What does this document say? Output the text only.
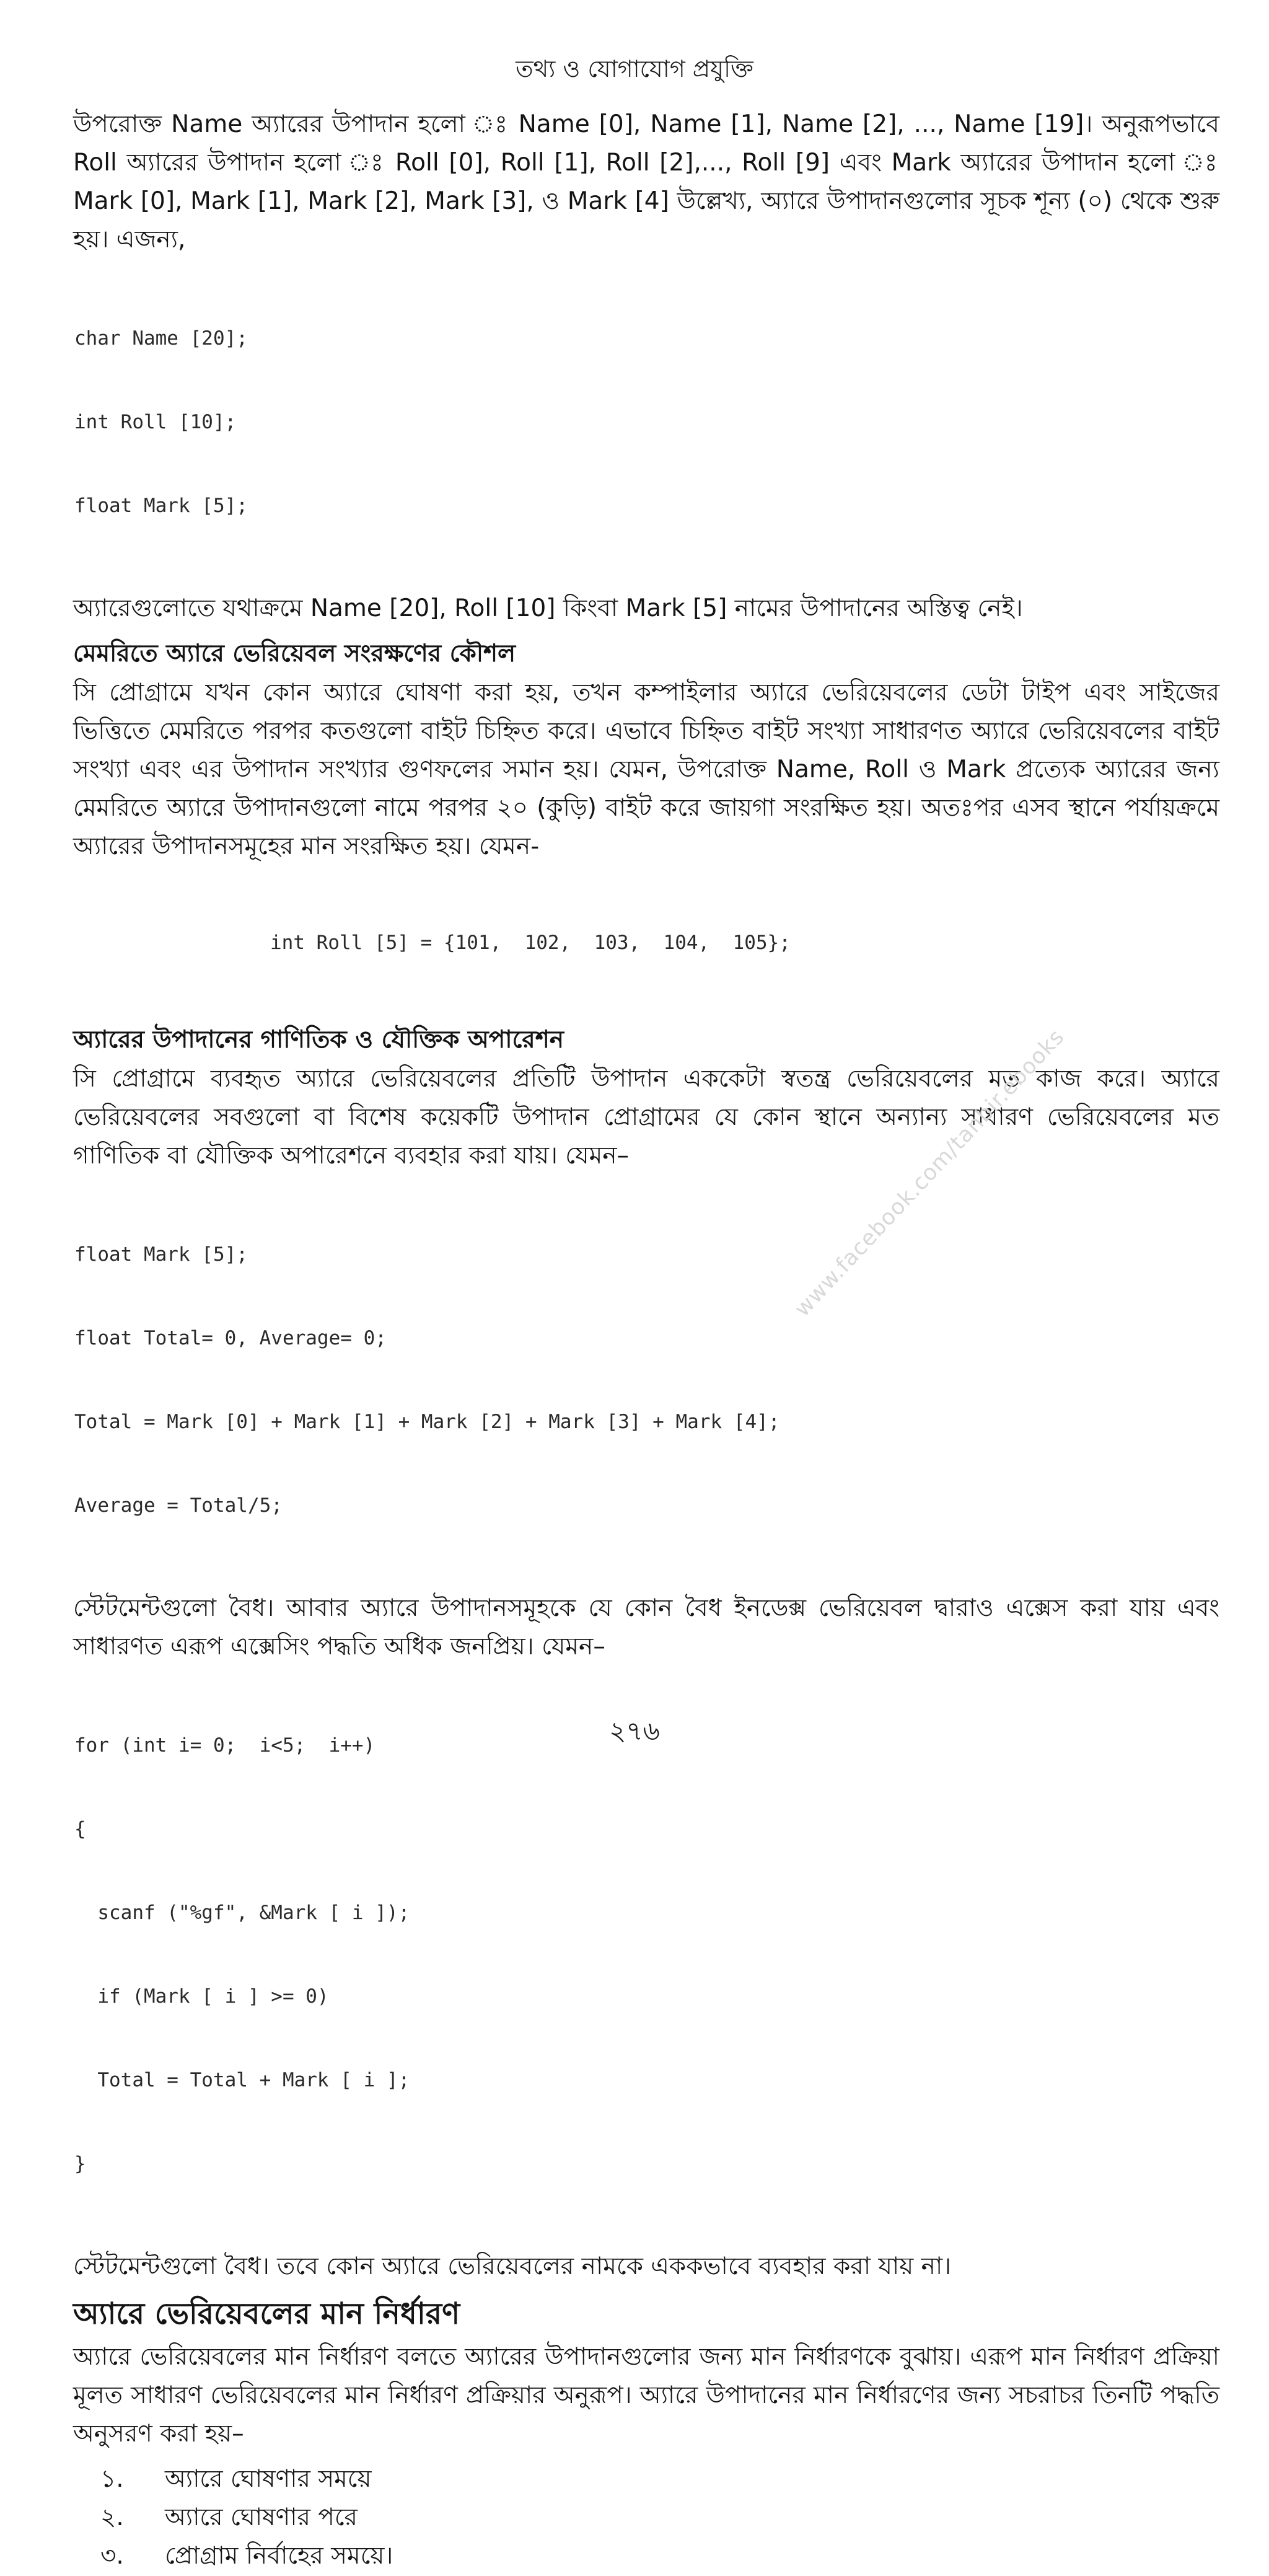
তথ্য ও যোগাযোগ প্রযুক্তি

উপরোক্ত Name অ্যারের উপাদান হলো ঃ Name [0], Name [1], Name [2], ..., Name [19]। অনুরূপভাবে Roll অ্যারের উপাদান হলো ঃ Roll [0], Roll [1], Roll [2],..., Roll [9] এবং Mark অ্যারের উপাদান হলো ঃ Mark [0], Mark [1], Mark [2], Mark [3], ও Mark [4] উল্লেখ্য, অ্যারে উপাদানগুলোর সূচক শূন্য (০) থেকে শুরু হয়। এজন্য,

char Name [20];

int Roll [10];

float Mark [5];

অ্যারেগুলোতে যথাক্রমে Name [20], Roll [10] কিংবা Mark [5] নামের উপাদানের অস্তিত্ব নেই।

মেমরিতে অ্যারে ভেরিয়েবল সংরক্ষণের কৌশল

সি প্রোগ্রামে যখন কোন অ্যারে ঘোষণা করা হয়, তখন কম্পাইলার অ্যারে ভেরিয়েবলের ডেটা টাইপ এবং সাইজের ভিত্তিতে মেমরিতে পরপর কতগুলো বাইট চিহ্নিত করে। এভাবে চিহ্নিত বাইট সংখ্যা সাধারণত অ্যারে ভেরিয়েবলের বাইট সংখ্যা এবং এর উপাদান সংখ্যার গুণফলের সমান হয়। যেমন, উপরোক্ত Name, Roll ও Mark প্রত্যেক অ্যারের জন্য মেমরিতে অ্যারে উপাদানগুলো নামে পরপর ২০ (কুড়ি) বাইট করে জায়গা সংরক্ষিত হয়। অতঃপর এসব স্থানে পর্যায়ক্রমে অ্যারের উপাদানসমূহের মান সংরক্ষিত হয়। যেমন-

int Roll [5] = {101,  102,  103,  104,  105};

অ্যারের উপাদানের গাণিতিক ও যৌক্তিক অপারেশন

সি প্রোগ্রামে ব্যবহৃত অ্যারে ভেরিয়েবলের প্রতিটি উপাদান এককেটা স্বতন্ত্র ভেরিয়েবলের মত কাজ করে। অ্যারে ভেরিয়েবলের সবগুলো বা বিশেষ কয়েকটি উপাদান প্রোগ্রামের যে কোন স্থানে অন্যান্য সাধারণ ভেরিয়েবলের মত গাণিতিক বা যৌক্তিক অপারেশনে ব্যবহার করা যায়। যেমন–

float Mark [5];

float Total= 0, Average= 0;

Total = Mark [0] + Mark [1] + Mark [2] + Mark [3] + Mark [4];

Average = Total/5;

স্টেটমেন্টগুলো বৈধ। আবার অ্যারে উপাদানসমূহকে যে কোন বৈধ ইনডেক্স ভেরিয়েবল দ্বারাও এক্সেস করা যায় এবং সাধারণত এরূপ এক্সেসিং পদ্ধতি অধিক জনপ্রিয়। যেমন–

for (int i= 0;  i<5;  i++)

{

scanf ("%gf", &Mark [ i ]);

if (Mark [ i ] >= 0)

Total = Total + Mark [ i ];

}

স্টেটমেন্টগুলো বৈধ। তবে কোন অ্যারে ভেরিয়েবলের নামকে এককভাবে ব্যবহার করা যায় না।

অ্যারে ভেরিয়েবলের মান নির্ধারণ

অ্যারে ভেরিয়েবলের মান নির্ধারণ বলতে অ্যারের উপাদানগুলোর জন্য মান নির্ধারণকে বুঝায়। এরূপ মান নির্ধারণ প্রক্রিয়া মূলত সাধারণ ভেরিয়েবলের মান নির্ধারণ প্রক্রিয়ার অনুরূপ। অ্যারে উপাদানের মান নির্ধারণের জন্য সচরাচর তিনটি পদ্ধতি অনুসরণ করা হয়–

১.	অ্যারে ঘোষণার সময়ে
২.	অ্যারে ঘোষণার পরে
৩.	প্রোগ্রাম নির্বাহের সময়ে।
www.facebook.com/tanbir.ebooks
২৭৬
